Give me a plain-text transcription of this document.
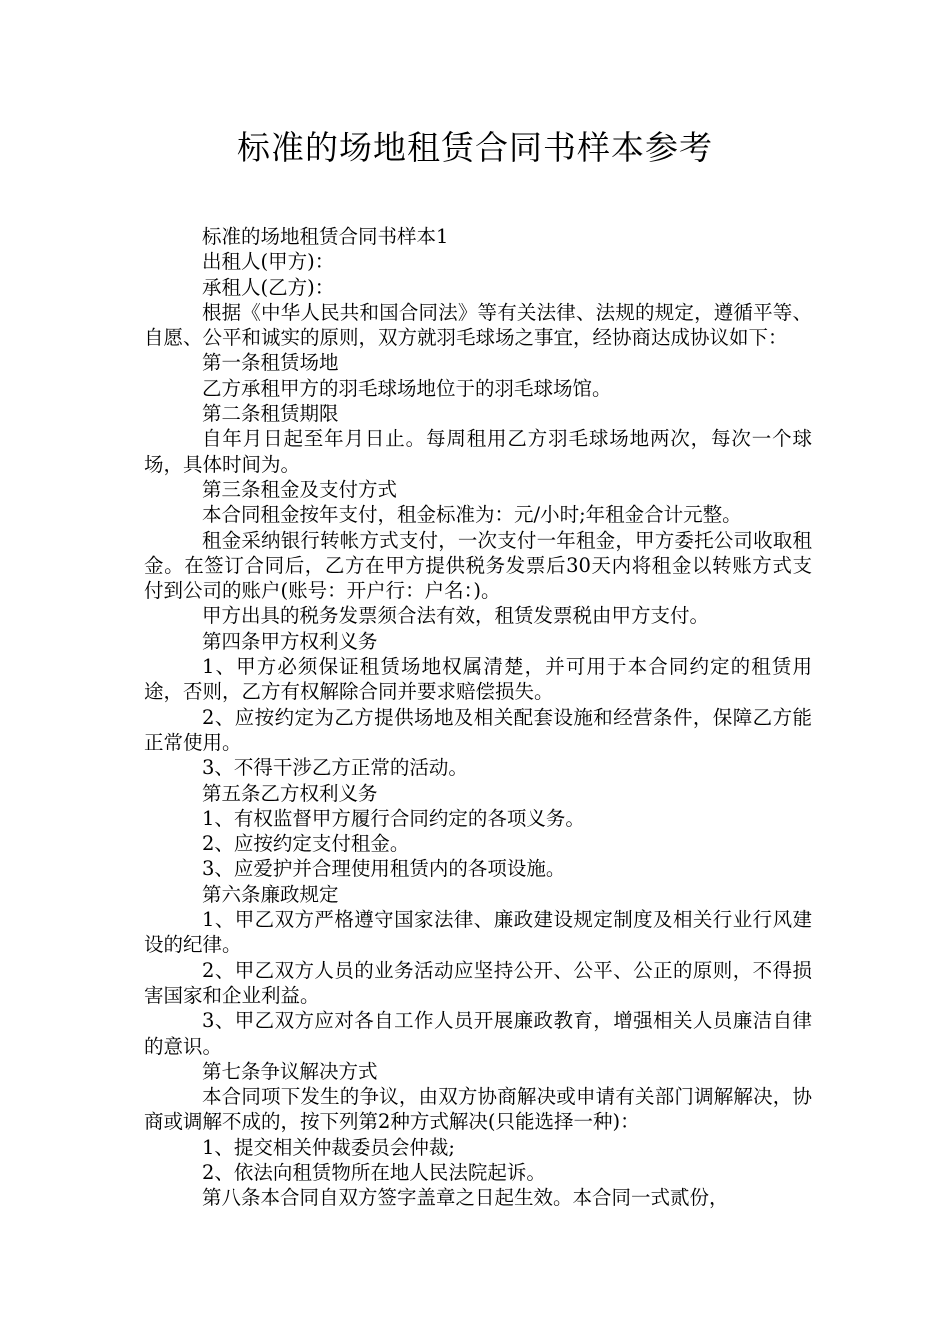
标准的场地租赁合同书样本参考

标准的场地租赁合同书样本1

出租人(甲方)：

承租人(乙方)：

根据《中华人民共和国合同法》等有关法律、法规的规定，遵循平等、自愿、公平和诚实的原则，双方就羽毛球场之事宜，经协商达成协议如下：

第一条租赁场地

乙方承租甲方的羽毛球场地位于的羽毛球场馆。

第二条租赁期限

自年月日起至年月日止。每周租用乙方羽毛球场地两次，每次一个球场，具体时间为。

第三条租金及支付方式

本合同租金按年支付，租金标准为：元/小时;年租金合计元整。

租金采纳银行转帐方式支付，一次支付一年租金，甲方委托公司收取租金。在签订合同后，乙方在甲方提供税务发票后30天内将租金以转账方式支付到公司的账户(账号：开户行：户名：)。

甲方出具的税务发票须合法有效，租赁发票税由甲方支付。

第四条甲方权利义务

1、甲方必须保证租赁场地权属清楚，并可用于本合同约定的租赁用途，否则，乙方有权解除合同并要求赔偿损失。

2、应按约定为乙方提供场地及相关配套设施和经营条件，保障乙方能正常使用。

3、不得干涉乙方正常的活动。

第五条乙方权利义务

1、有权监督甲方履行合同约定的各项义务。

2、应按约定支付租金。

3、应爱护并合理使用租赁内的各项设施。

第六条廉政规定

1、甲乙双方严格遵守国家法律、廉政建设规定制度及相关行业行风建设的纪律。

2、甲乙双方人员的业务活动应坚持公开、公平、公正的原则，不得损害国家和企业利益。

3、甲乙双方应对各自工作人员开展廉政教育，增强相关人员廉洁自律的意识。

第七条争议解决方式

本合同项下发生的争议，由双方协商解决或申请有关部门调解解决，协商或调解不成的，按下列第2种方式解决(只能选择一种)：

1、提交相关仲裁委员会仲裁;

2、依法向租赁物所在地人民法院起诉。

第八条本合同自双方签字盖章之日起生效。本合同一式贰份，
